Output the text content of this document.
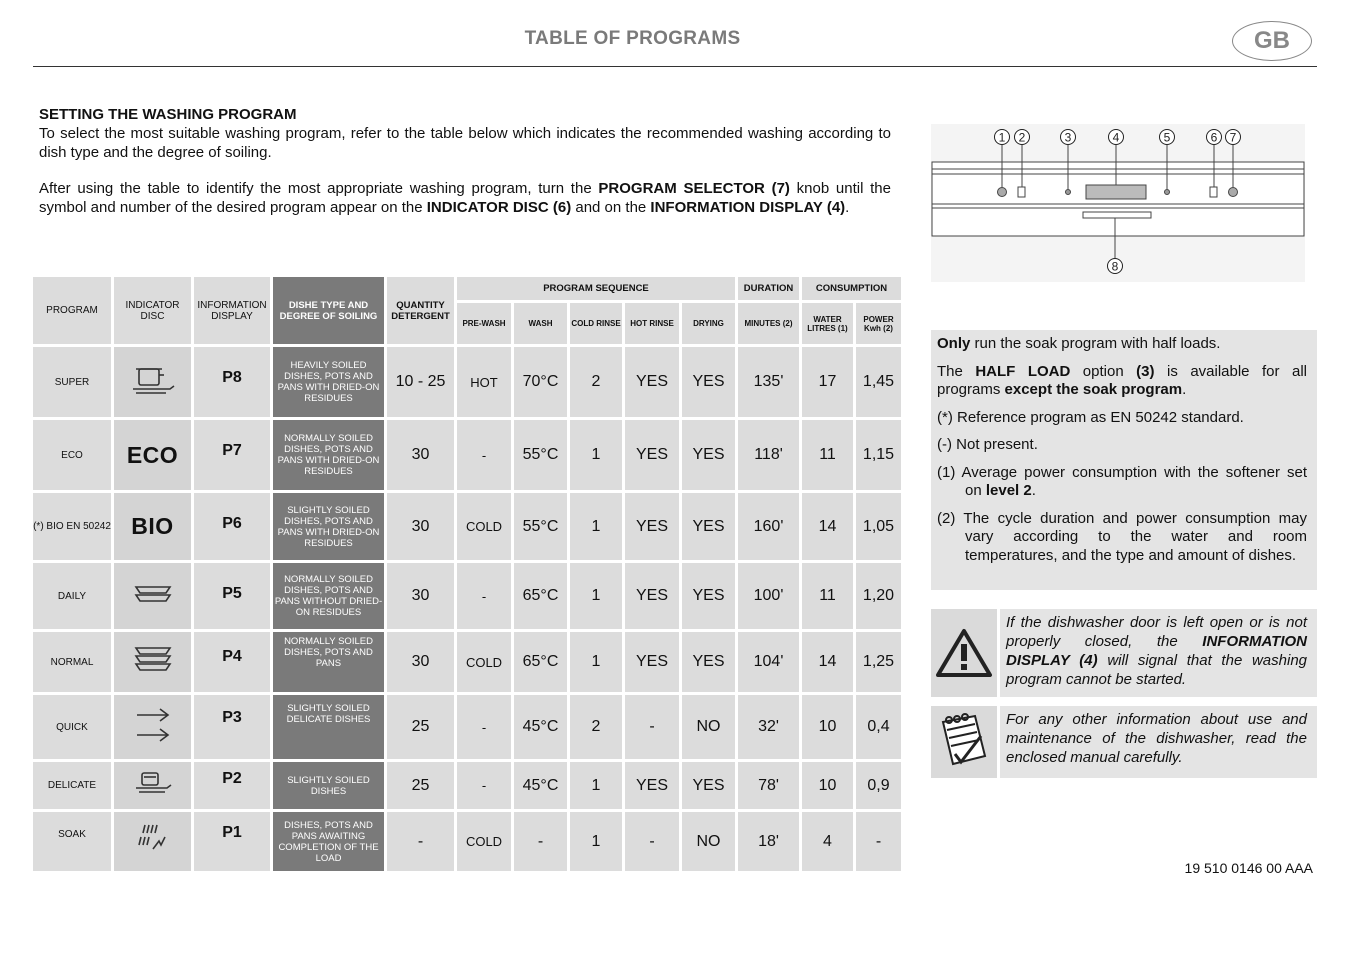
TABLE OF PROGRAMS	GB
SETTING THE WASHING PROGRAM

To select the most suitable washing program, refer to the table below which indicates the recommended washing according to dish type and the degree of soiling.

After using the table to identify the most appropriate washing program, turn the PROGRAM SELECTOR (7) knob until the symbol and number of the desired program appear on the INDICATOR DISC (6) and on the INFORMATION DISPLAY (4).

PROGRAM	INDICATOR DISC	INFORMATION DISPLAY	DISHE TYPE AND DEGREE OF SOILING	QUANTITY DETERGENT	PROGRAM SEQUENCE					DURATION	CONSUMPTION	
					PRE-WASH	WASH	COLD RINSE	HOT RINSE	DRYING	MINUTES (2)	WATER LITRES (1)	POWER Kwh (2)
SUPER		P8	HEAVILY SOILED DISHES, POTS AND PANS WITH DRIED-ON RESIDUES	10 - 25	HOT	70°C	2	YES	YES	135'	17	1,45
ECO	ECO	P7	NORMALLY SOILED DISHES, POTS AND PANS WITH DRIED-ON RESIDUES	30	-	55°C	1	YES	YES	118'	11	1,15
(*) BIO EN 50242	BIO	P6	SLIGHTLY SOILED DISHES, POTS AND PANS WITH DRIED-ON RESIDUES	30	COLD	55°C	1	YES	YES	160'	14	1,05
DAILY		P5	NORMALLY SOILED DISHES, POTS AND PANS WITHOUT DRIED-ON RESIDUES	30	-	65°C	1	YES	YES	100'	11	1,20
NORMAL		P4	NORMALLY SOILED DISHES, POTS AND PANS	30	COLD	65°C	1	YES	YES	104'	14	1,25
QUICK		P3	SLIGHTLY SOILED DELICATE DISHES	25	-	45°C	2	-	NO	32'	10	0,4
DELICATE		P2	SLIGHTLY SOILED DISHES	25	-	45°C	1	YES	YES	78'	10	0,9
SOAK		P1	DISHES, POTS AND PANS AWAITING COMPLETION OF THE LOAD	-	COLD	-	1	-	NO	18'	4	-
1 2	3	4	5	6 7
8

Only run the soak program with half loads.

The HALF LOAD option (3) is available for all programs except the soak program.

(*) Reference program as EN 50242 standard.

(-) Not present.

(1) Average power consumption with the softener set on level 2.

(2) The cycle duration and power consumption may vary according to the water and room temperatures, and the type and amount of dishes.

If the dishwasher door is left open or is not properly closed, the INFORMATION DISPLAY (4) will signal that the washing program cannot be started.
For any other information about use and maintenance of the dishwasher, read the enclosed manual carefully.
19 510 0146 00 AAA
